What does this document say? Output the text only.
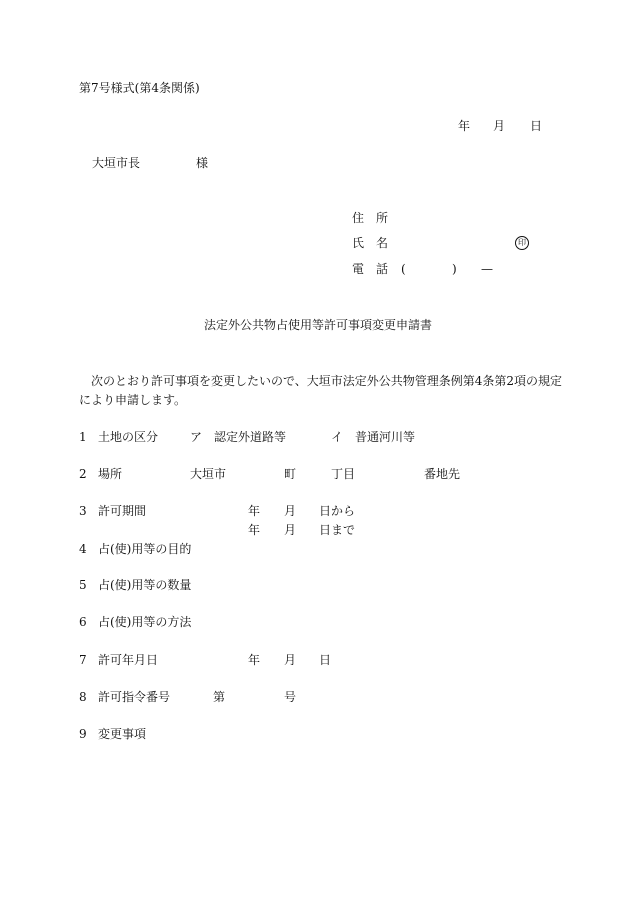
第7号様式(第4条関係)
年 月 日
大垣市長	様
住　所
氏　名	印
電　話 (	) —
法定外公共物占使用等許可事項変更申請書
次のとおり許可事項を変更したいので、大垣市法定外公共物管理条例第4条第2項の規定
により申請します。
1 土地の区分	ア　認定外道路等	イ　普通河川等
2 場所	大垣市	町	丁目	番地先
3 許可期間	年 月 日から
年 月 日まで
4 占(使)用等の目的
5 占(使)用等の数量
6 占(使)用等の方法
7 許可年月日	年 月 日
8 許可指令番号	第	号
9 変更事項
